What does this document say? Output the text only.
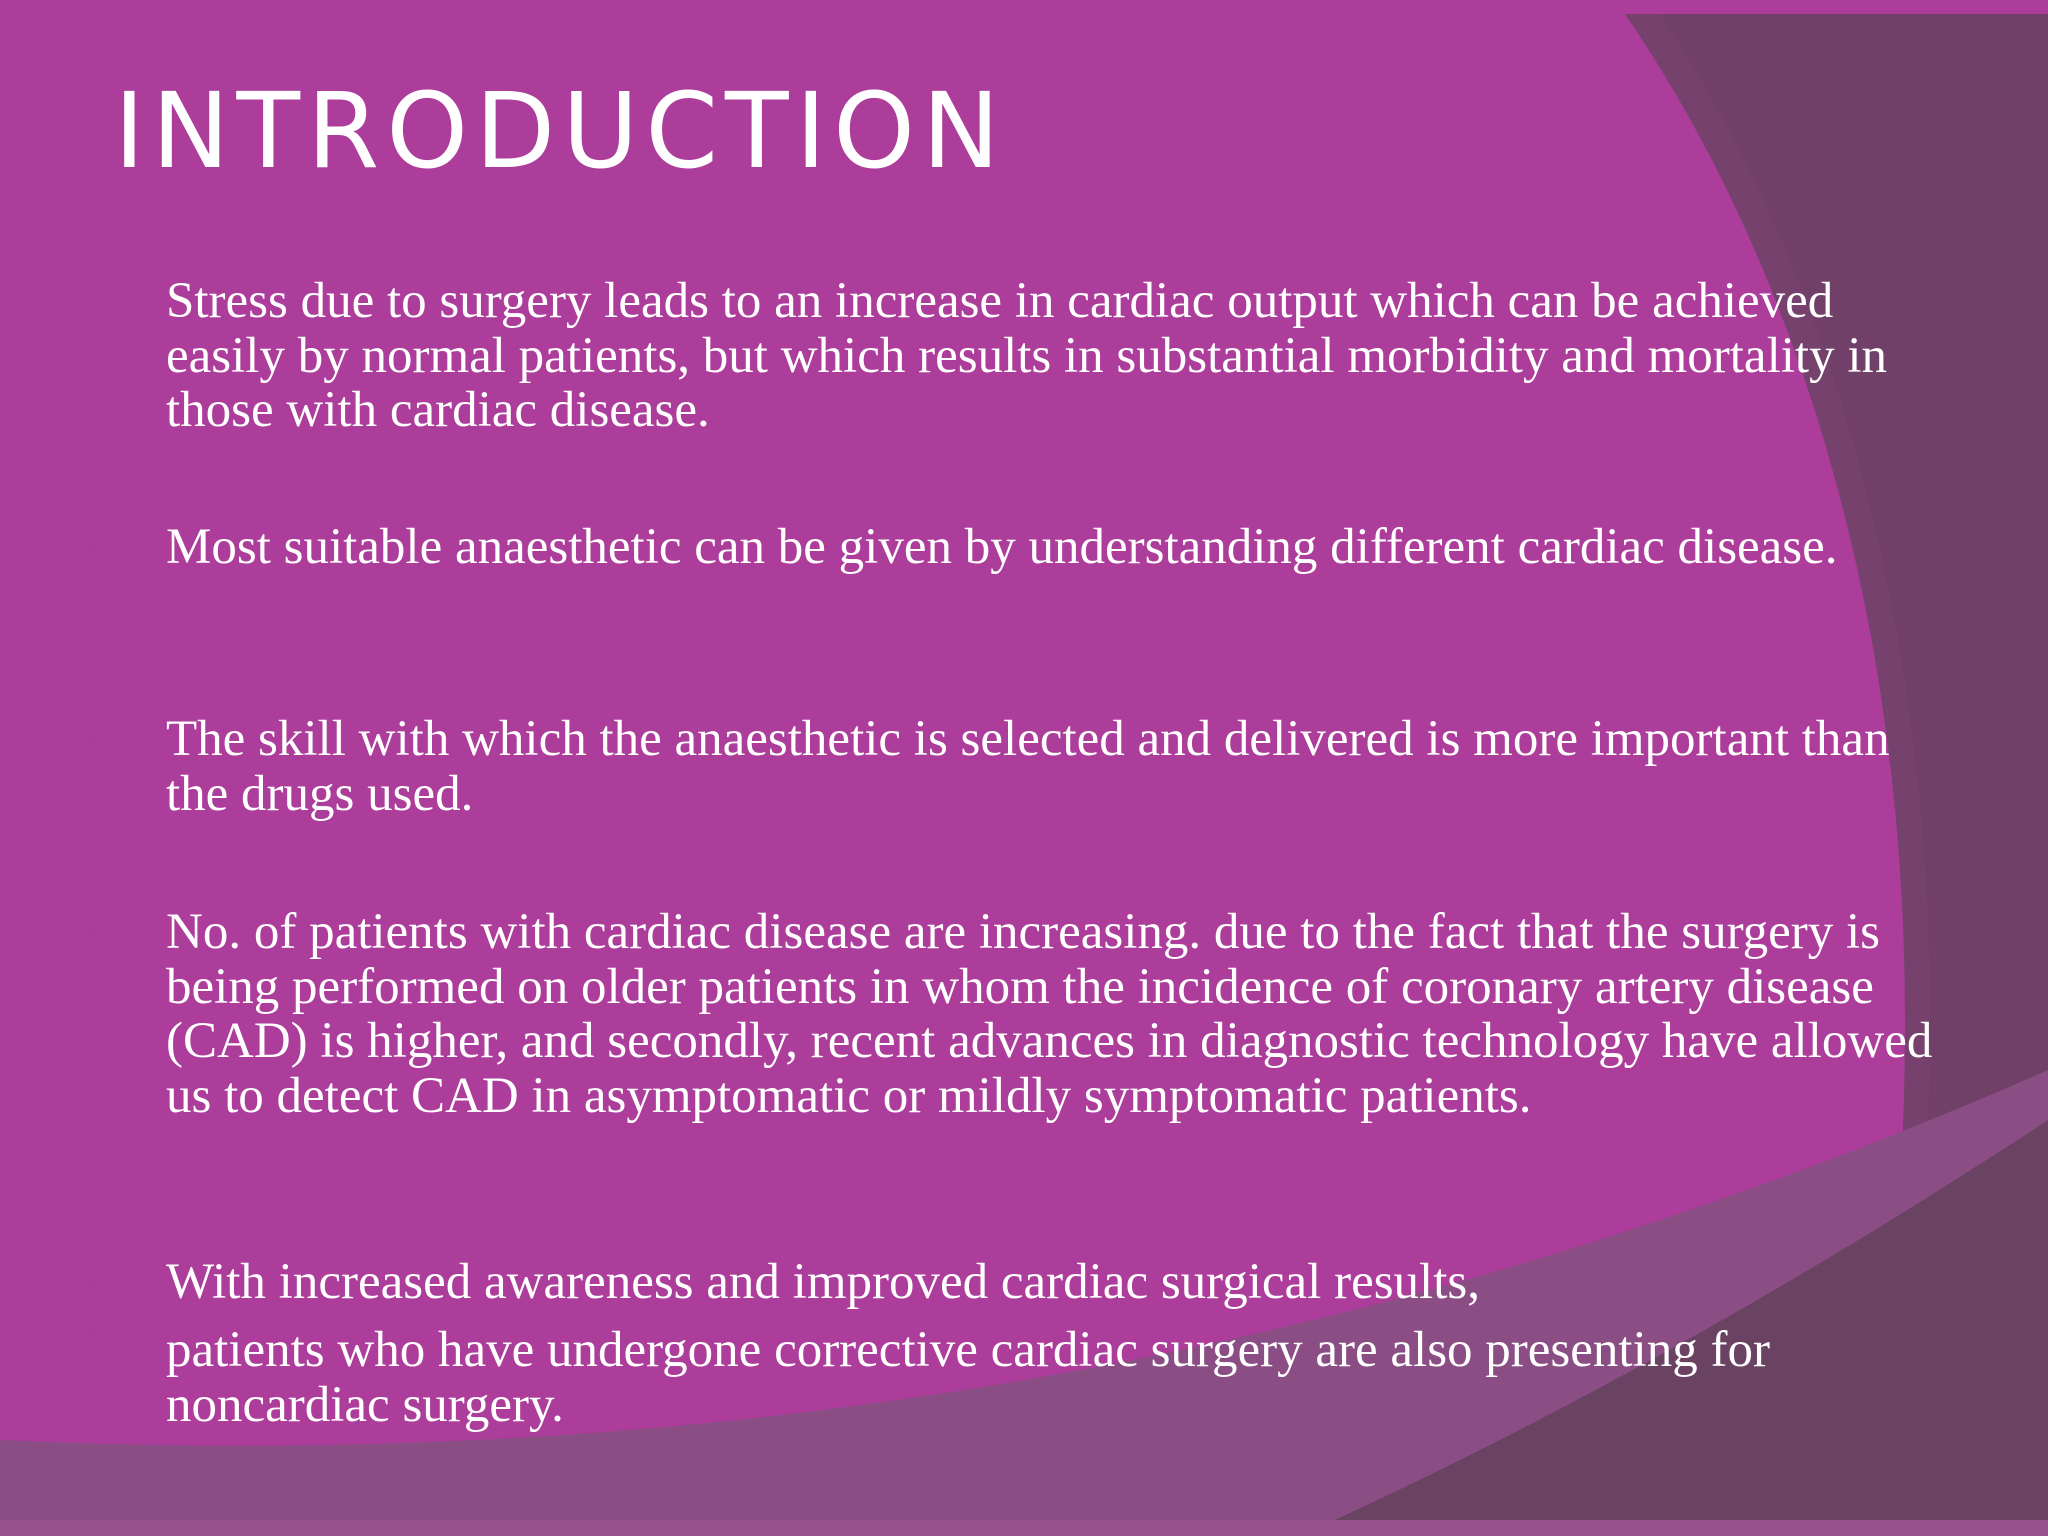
INTRODUCTION
Stress due to surgery leads to an increase in cardiac output which can be achieved easily by normal patients, but which results in substantial morbidity and mortality in those with cardiac disease.
Most suitable anaesthetic can be given by understanding different cardiac disease.
The skill with which the anaesthetic is selected and delivered is more important than the drugs used.
No. of patients with cardiac disease are increasing. due to the fact that the surgery is being performed on older patients in whom the incidence of coronary artery disease (CAD) is higher, and secondly, recent advances in diagnostic technology have allowed us to detect CAD in asymptomatic or mildly symptomatic patients.
With increased awareness and improved cardiac surgical results,
patients who have undergone corrective cardiac surgery are also presenting for noncardiac surgery.
